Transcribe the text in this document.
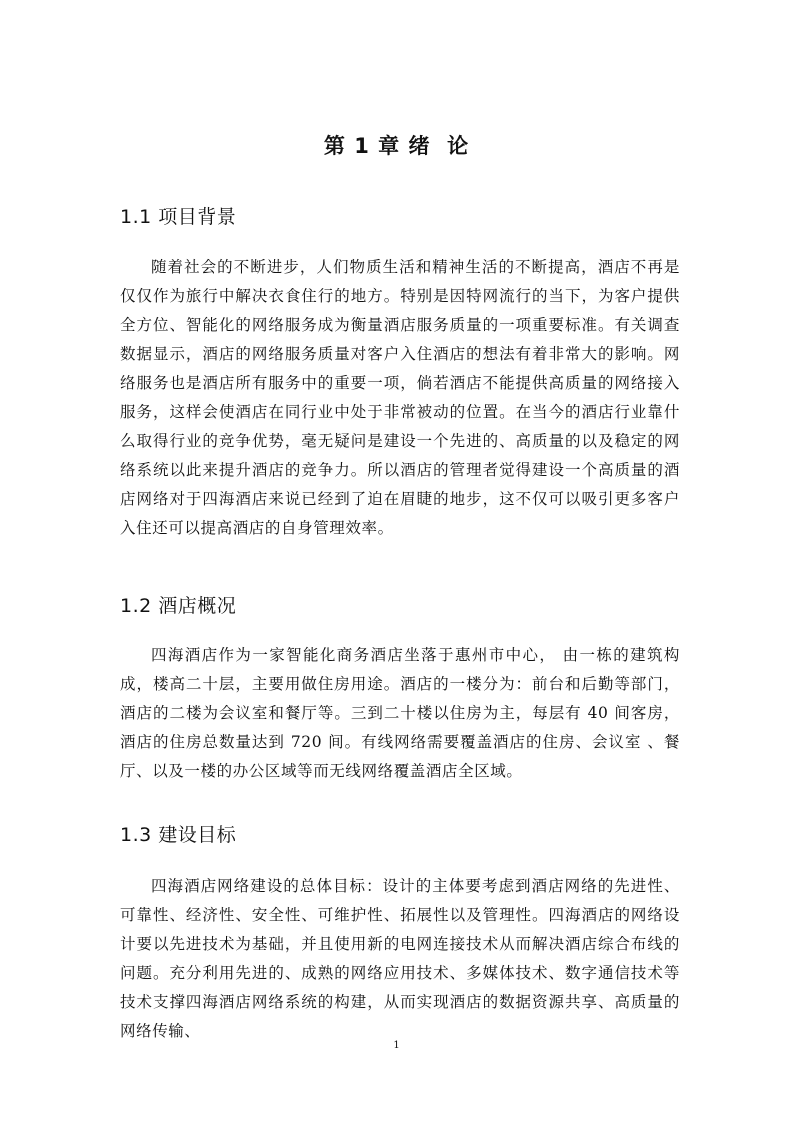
第 1 章 绪  论
1.1 项目背景

随着社会的不断进步，人们物质生活和精神生活的不断提高，酒店不再是仅仅作为旅行中解决衣食住行的地方。特别是因特网流行的当下，为客户提供全方位、智能化的网络服务成为衡量酒店服务质量的一项重要标准。有关调查数据显示，酒店的网络服务质量对客户入住酒店的想法有着非常大的影响。网络服务也是酒店所有服务中的重要一项，倘若酒店不能提供高质量的网络接入服务，这样会使酒店在同行业中处于非常被动的位置。在当今的酒店行业靠什么取得行业的竞争优势，毫无疑问是建设一个先进的、高质量的以及稳定的网络系统以此来提升酒店的竞争力。所以酒店的管理者觉得建设一个高质量的酒店网络对于四海酒店来说已经到了迫在眉睫的地步，这不仅可以吸引更多客户入住还可以提高酒店的自身管理效率。

1.2 酒店概况

四海酒店作为一家智能化商务酒店坐落于惠州市中心， 由一栋的建筑构成，楼高二十层，主要用做住房用途。酒店的一楼分为：前台和后勤等部门，酒店的二楼为会议室和餐厅等。三到二十楼以住房为主，每层有 40 间客房，酒店的住房总数量达到 720 间。有线网络需要覆盖酒店的住房、会议室 、餐厅、以及一楼的办公区域等而无线网络覆盖酒店全区域。

1.3 建设目标

四海酒店网络建设的总体目标：设计的主体要考虑到酒店网络的先进性、可靠性、经济性、安全性、可维护性、拓展性以及管理性。四海酒店的网络设计要以先进技术为基础，并且使用新的电网连接技术从而解决酒店综合布线的问题。充分利用先进的、成熟的网络应用技术、多媒体技术、数字通信技术等技术支撑四海酒店网络系统的构建，从而实现酒店的数据资源共享、高质量的网络传输、

1
